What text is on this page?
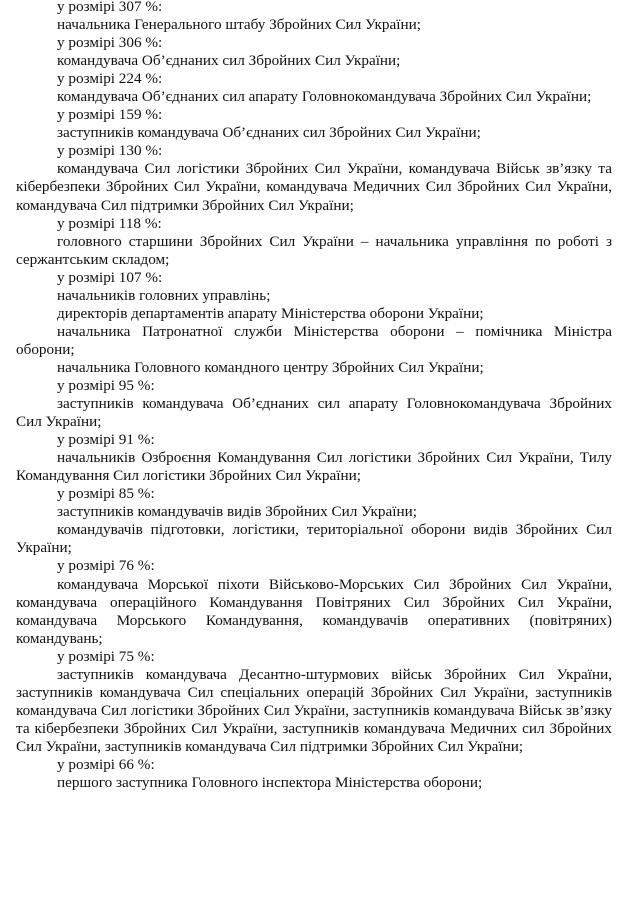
у розмірі 307 %:

начальника Генерального штабу Збройних Сил України;

у розмірі 306 %:

командувача Об’єднаних сил Збройних Сил України;

у розмірі 224 %:

командувача Об’єднаних сил апарату Головнокомандувача Збройних Сил України;

у розмірі 159 %:

заступників командувача Об’єднаних сил Збройних Сил України;

у розмірі 130 %:

командувача Сил логістики Збройних Сил України, командувача Військ зв’язку та кібербезпеки Збройних Сил України, командувача Медичних Сил Збройних Сил України, командувача Сил підтримки Збройних Сил України;

у розмірі 118 %:

головного старшини Збройних Сил України – начальника управління по роботі з сержантським складом;

у розмірі 107 %:

начальників головних управлінь;

директорів департаментів апарату Міністерства оборони України;

начальника Патронатної служби Міністерства оборони – помічника Міністра оборони;

начальника Головного командного центру Збройних Сил України;

у розмірі 95 %:

заступників командувача Об’єднаних сил апарату Головнокомандувача Збройних Сил України;

у розмірі 91 %:

начальників Озброєння Командування Сил логістики Збройних Сил України, Тилу Командування Сил логістики Збройних Сил України;

у розмірі 85 %:

заступників командувачів видів Збройних Сил України;

командувачів підготовки, логістики, територіальної оборони видів Збройних Сил України;

у розмірі 76 %:

командувача Морської піхоти Військово-Морських Сил Збройних Сил України, командувача операційного Командування Повітряних Сил Збройних Сил України, командувача Морського Командування, командувачів оперативних (повітряних) командувань;

у розмірі 75 %:

заступників командувача Десантно-штурмових військ Збройних Сил України, заступників командувача Сил спеціальних операцій Збройних Сил України, заступників командувача Сил логістики Збройних Сил України, заступників командувача Військ зв’язку та кібербезпеки Збройних Сил України, заступників командувача Медичних сил Збройних Сил України, заступників командувача Сил підтримки Збройних Сил України;

у розмірі 66 %:

першого заступника Головного інспектора Міністерства оборони;
